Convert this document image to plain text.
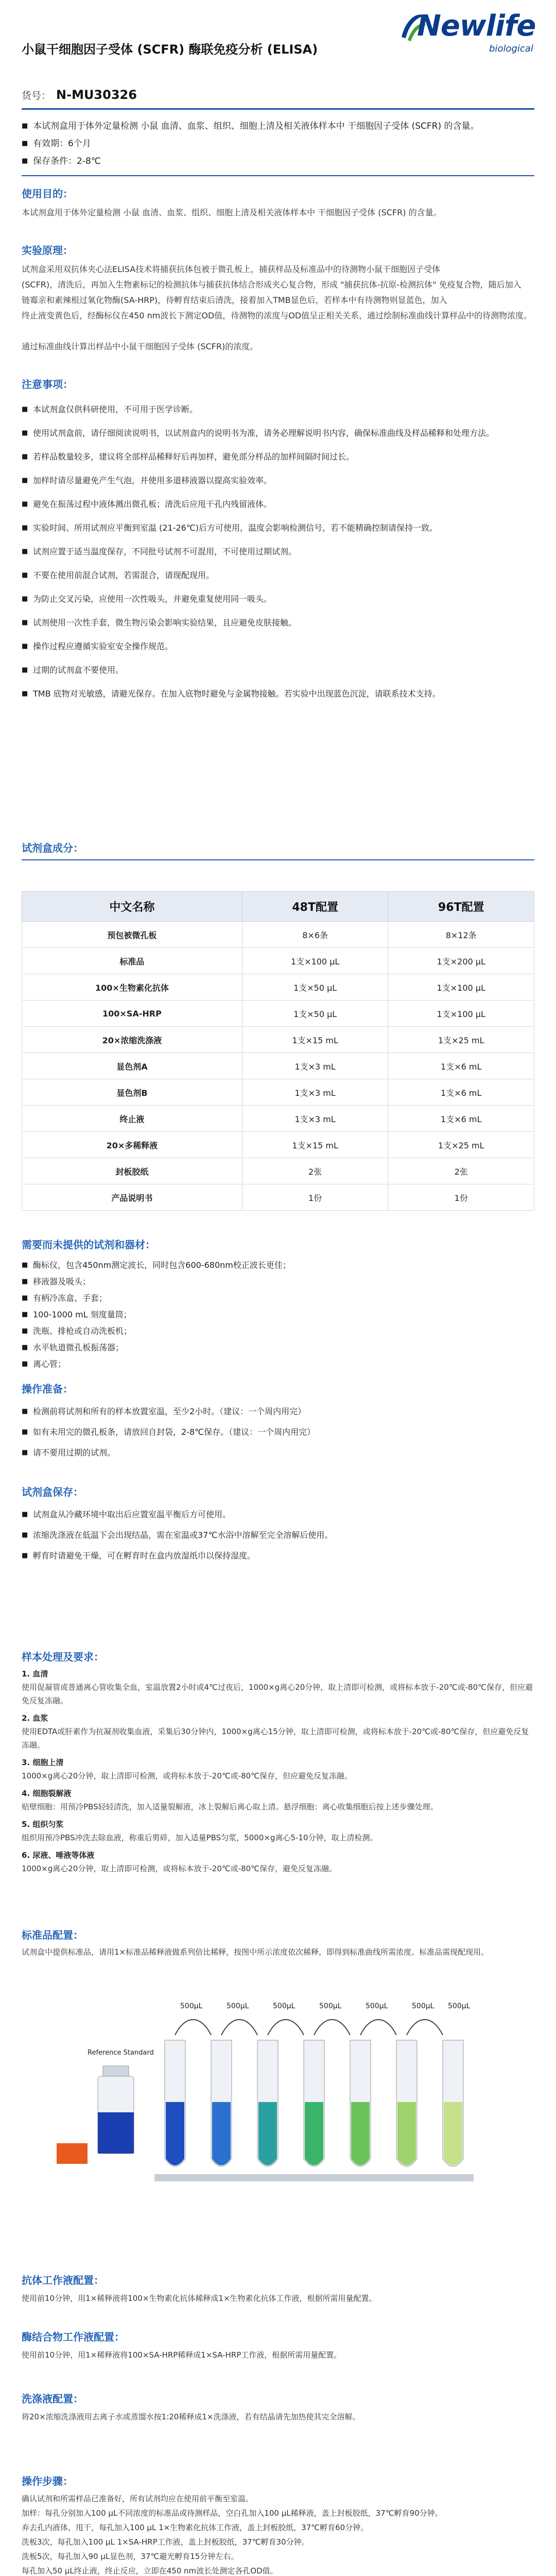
小鼠干细胞因子受体 (SCFR) 酶联免疫分析 (ELISA)
Newlife
biological
货号： N-MU30326
■ 本试剂盒用于体外定量检测 小鼠 血清、血浆、组织、细胞上清及相关液体样本中 干细胞因子受体 (SCFR) 的含量。
■ 有效期：6个月
■ 保存条件：2-8℃
使用目的：
本试剂盒用于体外定量检测 小鼠 血清、血浆、组织、细胞上清及相关液体样本中 干细胞因子受体 (SCFR) 的含量。
实验原理：
试剂盒采用双抗体夹心法ELISA技术将捕获抗体包被于微孔板上，捕获样品及标准品中的待测物小鼠干细胞因子受体
(SCFR)，清洗后，再加入生物素标记的检测抗体与捕获抗体结合形成夹心复合物，形成 "捕获抗体-抗原-检测抗体" 免疫复合物，随后加入
链霉亲和素辣根过氧化物酶(SA-HRP)，待孵育结束后清洗，接着加入TMB显色后，若样本中有待测物则显蓝色，加入
终止液变黄色后，经酶标仪在450 nm波长下测定OD值，待测物的浓度与OD值呈正相关关系，通过绘制标准曲线计算样品中的待测物浓度。
通过标准曲线计算出样品中小鼠干细胞因子受体 (SCFR)的浓度。
注意事项：
■ 本试剂盒仅供科研使用，不可用于医学诊断。
■ 使用试剂盒前，请仔细阅读说明书，以试剂盒内的说明书为准，请务必理解说明书内容，确保标准曲线及样品稀释和处理方法。
■ 若样品数量较多，建议将全部样品稀释好后再加样，避免部分样品的加样间隔时间过长。
■ 加样时请尽量避免产生气泡，并使用多道移液器以提高实验效率。
■ 避免在振荡过程中液体溅出微孔板；清洗后应甩干孔内残留液体。
■ 实验时间、所用试剂应平衡到室温 (21-26℃)后方可使用，温度会影响检测信号，若不能精确控制请保持一致。
■ 试剂应置于适当温度保存，不同批号试剂不可混用，不可使用过期试剂。
■ 不要在使用前混合试剂，若需混合，请现配现用。
■ 为防止交叉污染，应使用一次性吸头，并避免重复使用同一吸头。
■ 试剂使用一次性手套，微生物污染会影响实验结果，且应避免皮肤接触。
■ 操作过程应遵循实验室安全操作规范。
■ 过期的试剂盒不要使用。
■ TMB 底物对光敏感，请避光保存。在加入底物时避免与金属物接触。若实验中出现蓝色沉淀，请联系技术支持。
试剂盒成分：
中文名称	48T配置	96T配置
预包被微孔板	8×6条	8×12条
标准品	1支×100 μL	1支×200 μL
100×生物素化抗体	1支×50 μL	1支×100 μL
100×SA-HRP	1支×50 μL	1支×100 μL
20×浓缩洗涤液	1支×15 mL	1支×25 mL
显色剂A	1支×3 mL	1支×6 mL
显色剂B	1支×3 mL	1支×6 mL
终止液	1支×3 mL	1支×6 mL
20×多稀释液	1支×15 mL	1支×25 mL
封板胶纸	2张	2张
产品说明书	1份	1份
需要而未提供的试剂和器材：
■ 酶标仪，包含450nm测定波长，同时包含600-680nm校正波长更佳；
■ 移液器及吸头；
■ 有柄冷冻盒、手套；
■ 100-1000 mL 刻度量筒；
■ 洗瓶、排枪或自动洗板机；
■ 水平轨道微孔板振荡器；
■ 离心管；
操作准备：
■ 检测前将试剂和所有的样本放置室温，至少2小时。（建议：一个周内用完）
■ 如有未用完的微孔板条，请放回自封袋，2-8℃保存。（建议：一个周内用完）
■ 请不要用过期的试剂。
试剂盒保存：
■ 试剂盒从冷藏环境中取出后应置室温平衡后方可使用。
■ 浓缩洗涤液在低温下会出现结晶，需在室温或37℃水浴中溶解至完全溶解后使用。
■ 孵育时请避免干燥，可在孵育时在盒内放湿纸巾以保持湿度。
样本处理及要求：
1. 血清
使用促凝管或普通离心管收集全血，室温放置2小时或4℃过夜后，1000×g离心20分钟，取上清即可检测，或将标本放于-20℃或-80℃保存，但应避免反复冻融。
2. 血浆
使用EDTA或肝素作为抗凝剂收集血液，采集后30分钟内，1000×g离心15分钟，取上清即可检测，或将标本放于-20℃或-80℃保存，但应避免反复冻融。
3. 细胞上清
1000×g离心20分钟，取上清即可检测，或将标本放于-20℃或-80℃保存，但应避免反复冻融。
4. 细胞裂解液
贴壁细胞：用预冷PBS轻轻清洗，加入适量裂解液，冰上裂解后离心取上清。悬浮细胞：离心收集细胞后按上述步骤处理。
5. 组织匀浆
组织用预冷PBS冲洗去除血液，称重后剪碎，加入适量PBS匀浆，5000×g离心5-10分钟，取上清检测。
6. 尿液、唾液等体液
1000×g离心20分钟，取上清即可检测，或将标本放于-20℃或-80℃保存，避免反复冻融。
标准品配置：
试剂盒中提供标准品，请用1×标准品稀释液做系列倍比稀释，按图中所示浓度依次稀释，即得到标准曲线所需浓度。标准品需现配现用。
500μL	500μL	500μL	500μL	500μL	500μL 500μL
Reference Standard
抗体工作液配置：
使用前10分钟，用1×稀释液将100×生物素化抗体稀释成1×生物素化抗体工作液，根据所需用量配置。
酶结合物工作液配置：
使用前10分钟，用1×稀释液将100×SA-HRP稀释成1×SA-HRP工作液，根据所需用量配置。
洗涤液配置：
将20×浓缩洗涤液用去离子水或蒸馏水按1:20稀释成1×洗涤液，若有结晶请先加热使其完全溶解。
操作步骤：
确认试剂和所需样品已准备好，所有试剂均应在使用前平衡至室温。
加样：每孔分别加入100 μL不同浓度的标准品或待测样品，空白孔加入100 μL稀释液，盖上封板胶纸，37℃孵育90分钟。
弃去孔内液体，甩干，每孔加入100 μL 1×生物素化抗体工作液，盖上封板胶纸，37℃孵育60分钟。
洗板3次，每孔加入100 μL 1×SA-HRP工作液，盖上封板胶纸，37℃孵育30分钟。
洗板5次，每孔加入90 μL显色剂，37℃避光孵育15分钟左右。
每孔加入50 μL终止液，终止反应，立即在450 nm波长处测定各孔OD值。
